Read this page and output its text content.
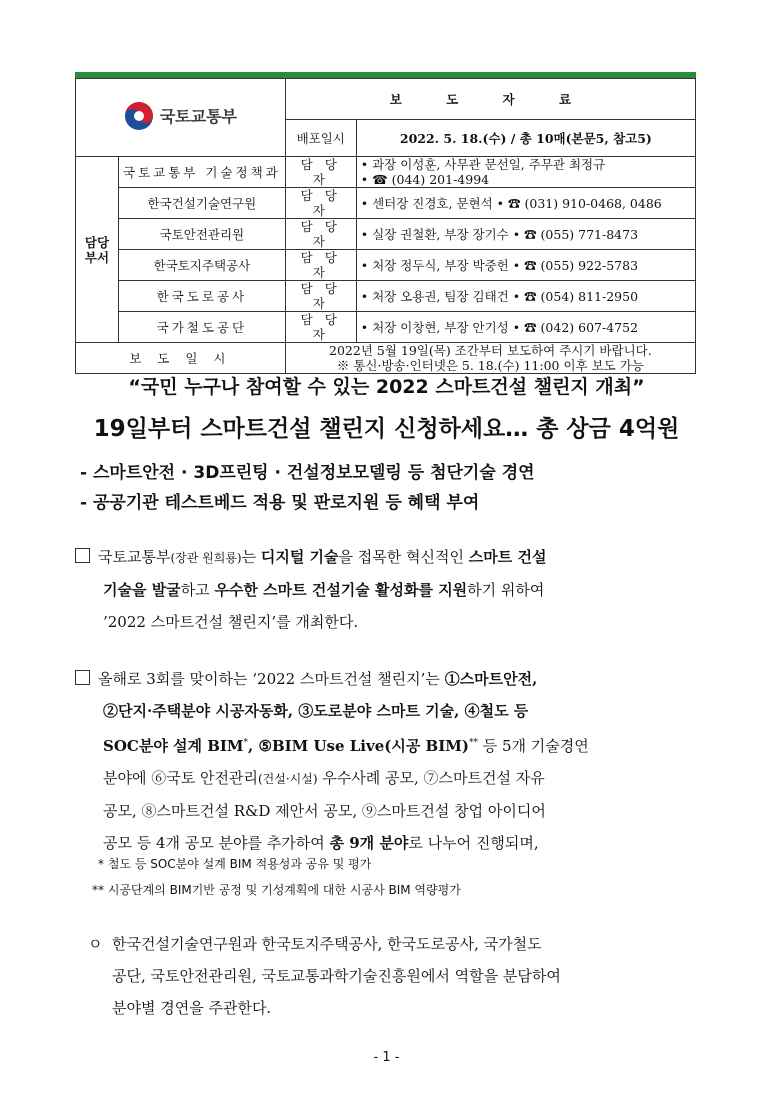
국토교통부		보 도 자 료	
		배포일시	2022. 5. 18.(수) / 총 10매(본문5, 참고5)
담당부서	국토교통부 기술정책과	담 당 자	• 과장 이성훈, 사무관 문선일, 주무관 최정규
• ☎ (044) 201-4994

	한국건설기술연구원	담 당 자	• 센터장 진경호, 문현석 • ☎ (031) 910-0468, 0486
	국토안전관리원	담 당 자	• 실장 권철환, 부장 장기수 • ☎ (055) 771-8473
	한국토지주택공사	담 당 자	• 처장 정두식, 부장 박중헌 • ☎ (055) 922-5783
	한국도로공사	담 당 자	• 처장 오용권, 팀장 김태건 • ☎ (054) 811-2950
	국가철도공단	담 당 자	• 처장 이창현, 부장 안기성 • ☎ (042) 607-4752
보 도 일 시		2022년 5월 19일(목) 조간부터 보도하여 주시기 바랍니다.
※ 통신·방송·인터넷은 5. 18.(수) 11:00 이후 보도 가능	
“국민 누구나 참여할 수 있는 2022 스마트건설 챌린지 개최”
19일부터 스마트건설 챌린지 신청하세요… 총 상금 4억원
- 스마트안전 · 3D프린팅 · 건설정보모델링 등 첨단기술 경연
- 공공기관 테스트베드 적용 및 판로지원 등 혜택 부여
국토교통부(장관 원희룡)는 디지털 기술을 접목한 혁신적인 스마트 건설
기술을 발굴하고 우수한 스마트 건설기술 활성화를 지원하기 위하여
’2022 스마트건설 챌린지’를 개최한다.
올해로 3회를 맞이하는 ‘2022 스마트건설 챌린지’는 ①스마트안전,
②단지·주택분야 시공자동화, ③도로분야 스마트 기술, ④철도 등
SOC분야 설계 BIM*, ⑤BIM Use Live(시공 BIM)** 등 5개 기술경연
분야에 ⑥국토 안전관리(건설·시설) 우수사례 공모, ⑦스마트건설 자유
공모, ⑧스마트건설 R&D 제안서 공모, ⑨스마트건설 창업 아이디어
공모 등 4개 공모 분야를 추가하여 총 9개 분야로 나누어 진행되며,
* 철도 등 SOC분야 설계 BIM 적용성과 공유 및 평가
** 시공단계의 BIM기반 공정 및 기성계획에 대한 시공사 BIM 역량평가
ㅇ 한국건설기술연구원과 한국토지주택공사, 한국도로공사, 국가철도
공단, 국토안전관리원, 국토교통과학기술진흥원에서 역할을 분담하여
분야별 경연을 주관한다.
- 1 -
